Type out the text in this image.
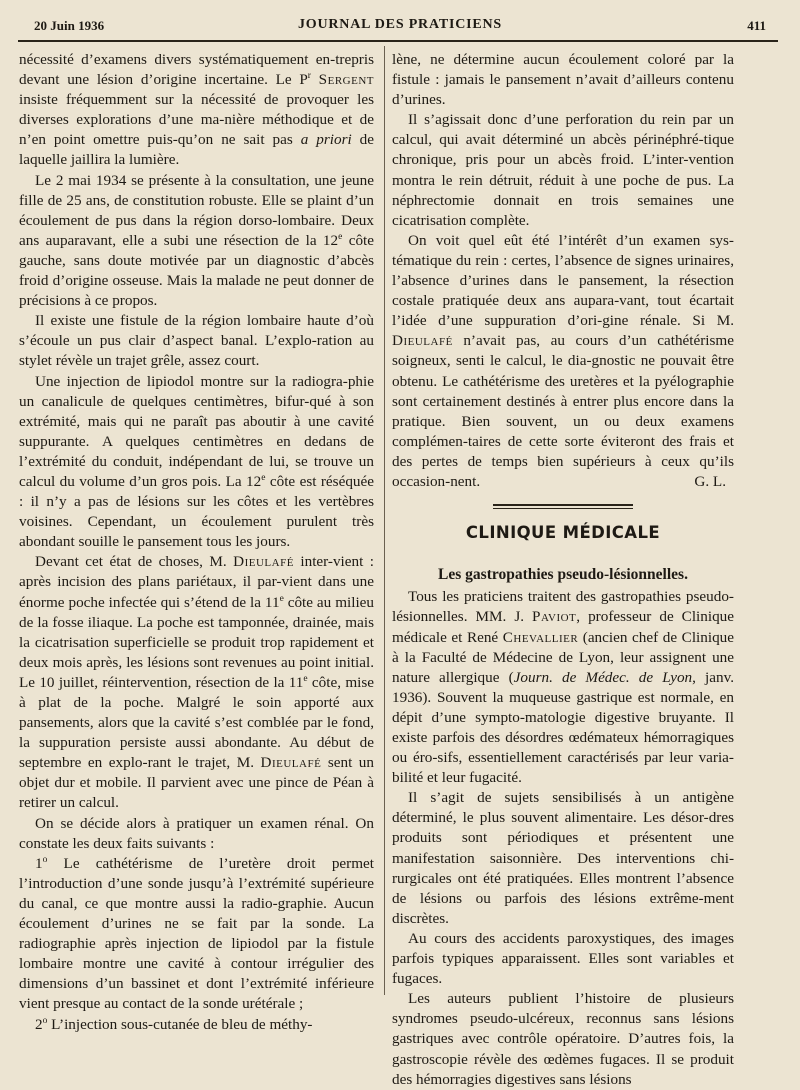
20 Juin 1936	JOURNAL DES PRATICIENS	411

nécessité d’examens divers systématiquement en-trepris devant une lésion d’origine incertaine. Le $P^r$ Sergent insiste fréquemment sur la nécessité de provoquer les diverses explorations d’une ma-nière méthodique et de n’en point omettre puis-qu’on ne sait pas a priori de laquelle jaillira la lumière.

Le 2 mai 1934 se présente à la consultation, une jeune fille de 25 ans, de constitution robuste. Elle se plaint d’un écoulement de pus dans la région dorso-lombaire. Deux ans auparavant, elle a subi une résection de la 12e côte gauche, sans doute motivée par un diagnostic d’abcès froid d’origine osseuse. Mais la malade ne peut donner de précisions à ce propos.

Il existe une fistule de la région lombaire haute d’où s’écoule un pus clair d’aspect banal. L’explo-ration au stylet révèle un trajet grêle, assez court.

Une injection de lipiodol montre sur la radiogra-phie un canalicule de quelques centimètres, bifur-qué à son extrémité, mais qui ne paraît pas aboutir à une cavité suppurante. A quelques centimètres en dedans de l’extrémité du conduit, indépendant de lui, se trouve un calcul du volume d’un gros pois. La 12e côte est réséquée : il n’y a pas de lésions sur les côtes et les vertèbres voisines. Cependant, un écoulement purulent très abondant souille le pansement tous les jours.

Devant cet état de choses, M. Dieulafé inter-vient : après incision des plans pariétaux, il par-vient dans une énorme poche infectée qui s’étend de la 11e côte au milieu de la fosse iliaque. La poche est tamponnée, drainée, mais la cicatrisation superficielle se produit trop rapidement et deux mois après, les lésions sont revenues au point initial. Le 10 juillet, réintervention, résection de la 11e côte, mise à plat de la poche. Malgré le soin apporté aux pansements, alors que la cavité s’est comblée par le fond, la suppuration persiste aussi abondante. Au début de septembre en explo-rant le trajet, M. Dieulafé sent un objet dur et mobile. Il parvient avec une pince de Péan à retirer un calcul.

On se décide alors à pratiquer un examen rénal. On constate les deux faits suivants :

1$^o$ Le cathétérisme de l’uretère droit permet l’introduction d’une sonde jusqu’à l’extrémité supérieure du canal, ce que montre aussi la radio-graphie. Aucun écoulement d’urines ne se fait par la sonde. La radiographie après injection de lipiodol par la fistule lombaire montre une cavité à contour irrégulier des dimensions d’un bassinet et dont l’extrémité inférieure vient presque au contact de la sonde urétérale ;

2$^o$ L’injection sous-cutanée de bleu de méthy-

lène, ne détermine aucun écoulement coloré par la fistule : jamais le pansement n’avait d’ailleurs contenu d’urines.

Il s’agissait donc d’une perforation du rein par un calcul, qui avait déterminé un abcès périnéphré-tique chronique, pris pour un abcès froid. L’inter-vention montra le rein détruit, réduit à une poche de pus. La néphrectomie donnait en trois semaines une cicatrisation complète.

On voit quel eût été l’intérêt d’un examen sys-tématique du rein : certes, l’absence de signes urinaires, l’absence d’urines dans le pansement, la résection costale pratiquée deux ans aupara-vant, tout écartait l’idée d’une suppuration d’ori-gine rénale. Si M. Dieulafé n’avait pas, au cours d’un cathétérisme soigneux, senti le calcul, le dia-gnostic ne pouvait être obtenu. Le cathétérisme des uretères et la pyélographie sont certainement destinés à entrer plus encore dans la pratique. Bien souvent, un ou deux examens complémen-taires de cette sorte éviteront des frais et des pertes de temps bien supérieurs à ceux qu’ils occasion-nent.	G. L.

CLINIQUE MÉDICALE

Les gastropathies pseudo-lésionnelles.

Tous les praticiens traitent des gastropathies pseudo-lésionnelles. MM. J. Paviot, professeur de Clinique médicale et René Chevallier (ancien chef de Clinique à la Faculté de Médecine de Lyon, leur assignent une nature allergique (Journ. de Médec. de Lyon, janv. 1936). Souvent la muqueuse gastrique est normale, en dépit d’une sympto-matologie digestive bruyante. Il existe parfois des désordres œdémateux hémorragiques ou éro-sifs, essentiellement caractérisés par leur varia-bilité et leur fugacité.

Il s’agit de sujets sensibilisés à un antigène déterminé, le plus souvent alimentaire. Les désor-dres produits sont périodiques et présentent une manifestation saisonnière. Des interventions chi-rurgicales ont été pratiquées. Elles montrent l’absence de lésions ou parfois des lésions extrême-ment discrètes.

Au cours des accidents paroxystiques, des images parfois typiques apparaissent. Elles sont variables et fugaces.

Les auteurs publient l’histoire de plusieurs syndromes pseudo-ulcéreux, reconnus sans lésions gastriques avec contrôle opératoire. D’autres fois, la gastroscopie révèle des œdèmes fugaces. Il se produit des hémorragies digestives sans lésions
